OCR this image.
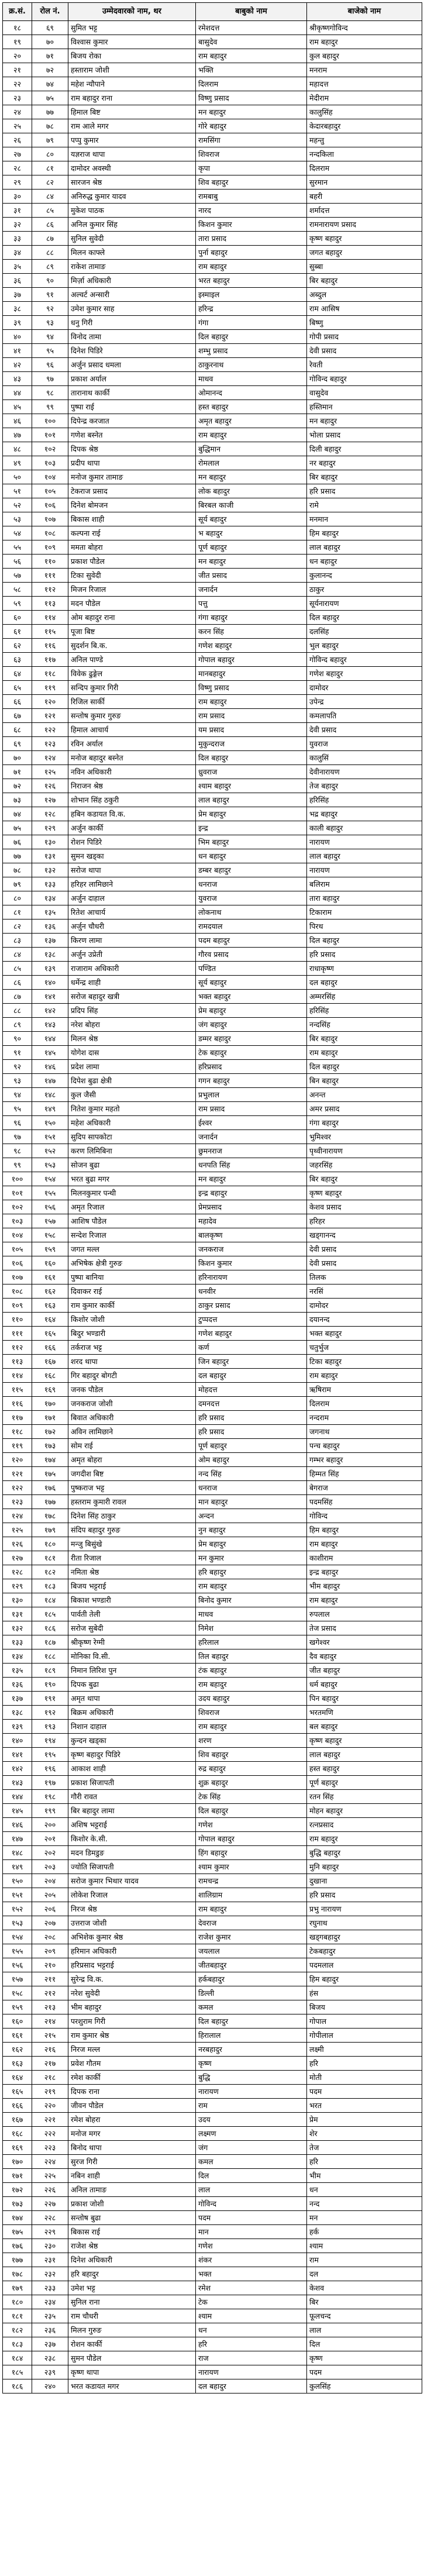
क्र.सं.	रोल नं.	उम्मेदवारको नाम, थर	बाबुको नाम	बाजेको नाम
१८	६९	सुमित भट्ट	रमेशदत्त	श्रीकृष्णगोविन्द
१९	७०	विश्वास कुमार	बासुदेव	राम बहादुर
२०	७१	बिजय रोका	राम बहादुर	कुल बहादुर
२१	७२	हस्ताराम जोशी	भक्ति	मनराम
२२	७४	महेश न्यौपाने	दिलराम	महादत्त
२३	७५	राम बहादुर राना	विष्णु प्रसाद	मेदीराम
२४	७७	हिमाल बिष्ट	मन बहादुर	कालुसिंह
२५	७८	राम आले मगर	गोरे बहादुर	केदारबहादुर
२६	७९	पप्पु कुमार	रामसिंगा	महन्तु
२७	८०	यज्ञराज थापा	शिवराज	नन्दकिला
२८	८१	दामोदर अवस्थी	कृपा	दिलराम
२९	८२	सारजन श्रेष्ठ	शिव बहादुर	सुरमान
३०	८४	अनिरुद्ध कुमार यादव	रामबाबु	बहरी
३१	८५	मुकेश पाठक	नारद	शर्मादत्त
३२	८६	अनिल कुमार सिंह	किशन कुमार	रामनारायण प्रसाद
३३	८७	सुनिल सुवेदी	तारा प्रसाद	कृष्ण बहादुर
३४	८८	मिलन काफ्ले	पुर्ना बहादुर	जगत बहादुर
३५	८९	राकेश तामाङ	राम बहादुर	सुब्बा
३६	९०	मिर्ज़ा अधिकारी	भरत बहादुर	बिर बहादुर
३७	९१	अल्वर्ट अन्सारी	इस्माइल	अब्दुल
३८	९२	उमेश कुमार साह	हरिन्द्र	राम आसिष
३९	९३	धनु गिरी	गंगा	बिष्णु
४०	९४	विनोद तामा	दिल बहादुर	गोपी प्रसाद
४१	९५	दिनेश पिडिरे	शम्भु प्रसाद	देवी प्रसाद
४२	९६	अर्जुन प्रसाद धमला	ठाकुरनाथ	रेवती
४३	९७	प्रकाश अर्याल	माधव	गोविन्द बहादुर
४४	९८	तारानाथ कार्की	ओमानन्द	वासुदेव
४५	९९	पुष्पा राई	हस्त बहादुर	हस्तिमान
४६	१००	दिपेन्द्र करजात	अमृत बहादुर	मन बहादुर
४७	१०१	गणेश बस्नेत	राम बहादुर	भोला प्रसाद
४८	१०२	दिपक श्रेष्ठ	बुद्धिमान	दिली बहादुर
४९	१०३	प्रदीप थापा	रोमलाल	नर बहादुर
५०	१०४	मनोज कुमार तामाङ	मन बहादुर	बिर बहादुर
५१	१०५	टेकराज प्रसाद	लोक बहादुर	हरि प्रसाद
५२	१०६	दिनेश बोमजन	बिरबल काजी	रामे
५३	१०७	बिकास शाही	सूर्य बहादुर	मनमान
५४	१०८	कल्पना राई	भ बहादुर	हिम बहादुर
५५	१०९	ममता बोहरा	पूर्ण बहादुर	लाल बहादुर
५६	११०	प्रकाश पौडेल	मन बहादुर	धन बहादुर
५७	१११	टिका सुवेदी	जीत प्रसाद	कुलानन्द
५८	११२	मिजन रिजाल	जनार्दन	ठाकुर
५९	११३	मदन पौडेल	पत्तु	सूर्यनारायण
६०	११४	ओम बहादुर राना	गंगा बहादुर	दिल बहादुर
६१	११५	पूजा बिष्ट	करन सिंह	दलसिंह
६२	११६	सुदर्शन बि.क.	गणेश बहादुर	भुल बहादुर
६३	११७	अनिल पाण्डे	गोपाल बहादुर	गोविन्द बहादुर
६४	११८	विवेक ढुङ्गेल	मानबहादुर	गणेश बहादुर
६५	११९	सन्दिप कुमार गिरी	विष्णु प्रसाद	दामोदर
६६	१२०	रिजिल सार्की	राम बहादुर	उपेन्द्र
६७	१२१	सन्तोष कुमार गुरुङ	राम प्रसाद	कमलापति
६८	१२२	हिमाल आचार्य	यम प्रसाद	देवी प्रसाद
६९	१२३	रविन अर्याल	मुकुन्दराज	युवराज
७०	१२४	मनोज बहादुर बस्नेत	दिल बहादुर	कालुसिं
७१	१२५	नविन अधिकारी	ध्रुवराज	देवीनारायण
७२	१२६	निराजन श्रेष्ठ	श्याम बहादुर	तेज बहादुर
७३	१२७	शोभान सिंह ठकुरी	लाल बहादुर	हरिसिंह
७४	१२८	हबिन कडायत वि.क.	प्रेम बहादुर	भद्र बहादुर
७५	१२९	अर्जुन कार्की	इन्द्र	काली बहादुर
७६	१३०	रोशन पिडिरे	भिम बहादुर	नारायण
७७	१३१	सुमन खड्का	धन बहादुर	लाल बहादुर
७८	१३२	सरोज थापा	डम्बर बहादुर	नारायण
७९	१३३	हरिहर लामिछाने	धनराज	बलिराम
८०	१३४	अर्जुन दाहाल	युवराज	तारा बहादुर
८१	१३५	रितेश आचार्य	लोकनाथ	टिकाराम
८२	१३६	अर्जुन चौधरी	रामदयाल	पिरथ
८३	१३७	किरण लामा	पदम बहादुर	दिल बहादुर
८४	१३८	अर्जुन उप्रेती	गौरव प्रसाद	हरि प्रसाद
८५	१३९	राजाराम अधिकारी	पण्डित	राधाकृष्ण
८६	१४०	धर्मेन्द्र शाही	सूर्य बहादुर	दल बहादुर
८७	१४१	सरोज बहादुर खत्री	भक्त बहादुर	अम्मरसिंह
८८	१४२	प्रदिप सिंह	प्रेम बहादुर	हरिसिंह
८९	१४३	नरेश बोहरा	जंग बहादुर	नन्दसिंह
९०	१४४	मिलन श्रेष्ठ	डम्मर बहादुर	बिर बहादुर
९१	१४५	योगेश दास	टेक बहादुर	राम बहादुर
९२	१४६	प्रदेश लामा	हरिप्रसाद	दिल बहादुर
९३	१४७	दिपेश बुढा क्षेत्री	गगन बहादुर	बिन बहादुर
९४	१४८	कुल जैसी	प्रभुलाल	अनन्त
९५	१४९	नितेश कुमार महतो	राम प्रसाद	अमर प्रसाद
९६	१५०	महेश अधिकारी	ईश्वर	गंगा बहादुर
९७	१५१	सुदिप सापकोटा	जनार्दन	भुमिश्वर
९८	१५२	करण लिमिबिना	छुमनराज	पृथ्वीनारायण
९९	१५३	सोजन बुढा	धनपति सिंह	जहरसिंह
१००	१५४	भरत बुढा मगर	मन बहादुर	बिर बहादुर
१०१	१५५	मिलनकुमार पन्थी	इन्द्र बहादुर	कृष्ण बहादुर
१०२	१५६	अमृत रिजाल	प्रेमप्रसाद	केशव प्रसाद
१०३	१५७	आशिष पौडेल	महादेव	हरिहर
१०४	१५८	सन्देश रिजाल	बालकृष्ण	खड्गानन्द
१०५	१५९	जगत मल्ल	जनकराज	देवी प्रसाद
१०६	१६०	अभिषेक क्षेत्री गुरुङ	किशन कुमार	देवी प्रसाद
१०७	१६१	पुष्पा बानिया	हरिनारायण	तिलक
१०८	१६२	दिवाकर राई	धनवीर	नरसिं
१०९	१६३	राम कुमार कार्की	ठाकुर प्रसाद	दामोदर
११०	१६४	किशोर जोशी	टुप्पदत्त	दयानन्द
१११	१६५	बिदुर भण्डारी	गणेश बहादुर	भक्त बहादुर
११२	१६६	तर्कराज भट्ट	कर्ण	चतुर्भुज
११३	१६७	शरद थापा	जिन बहादुर	टिका बहादुर
११४	१६८	गिर बहादुर बोगटी	दल बहादुर	राम बहादुर
११५	१६९	जनक पौडेल	मोहदत्त	ऋषिराम
११६	१७०	जनकराज जोशी	दमनदत्त	दिलराम
११७	१७१	बिवात अधिकारी	हरि प्रसाद	नन्दराम
११८	१७२	अविन लामिछाने	हरि प्रसाद	जगनाथ
११९	१७३	सोम राई	पूर्ण बहादुर	पन्च बहादुर
१२०	१७४	अमृत बोहरा	ओम बहादुर	गम्भर बहादुर
१२१	१७५	जगदीश बिष्ट	नन्द सिंह	हिम्मत सिंह
१२२	१७६	पुष्कराज भट्ट	धनराज	बेगराज
१२३	१७७	हस्तराम कुमारी रावल	मान बहादुर	पदमसिंह
१२४	१७८	दिनेश सिंह ठाकुर	अन्दन	गोविन्द
१२५	१७९	संदिप बहादुर गुरुङ	नुन बहादुर	हिम बहादुर
१२६	१८०	मन्जु बिसुंखे	प्रेम बहादुर	राम बहादुर
१२७	१८१	रीता रिजाल	मन कुमार	काशीराम
१२८	१८२	नमिता श्रेष्ठ	हरि बहादुर	इन्द्र बहादुर
१२९	१८३	बिजय भट्टराई	राम बहादुर	भीम बहादुर
१३०	१८४	बिकाश भण्डारी	बिनोद कुमार	राम बहादुर
१३१	१८५	पार्वती तेली	माधव	रुपलाल
१३२	१८६	सरोज सुबेदी	निमेश	तेज प्रसाद
१३३	१८७	श्रीकृष्ण रेग्मी	हरिलाल	खगेश्वर
१३४	१८८	मोनिका वि.सी.	तिल बहादुर	दैव बहादुर
१३५	१८९	निमान लिरिश पुन	टंक बहादुर	जीत बहादुर
१३६	१९०	दिपक बुढा	राम बहादुर	धर्म बहादुर
१३७	१९१	अमृत थापा	उदय बहादुर	पिन बहादुर
१३८	१९२	बिक्रम अधिकारी	शिवराज	भरतमणि
१३९	१९३	निशान दाहाल	राम बहादुर	बल बहादुर
१४०	१९४	कुन्दन खड्का	शरण	कृष्ण बहादुर
१४१	१९५	कृष्ण बहादुर पिडिरे	शिव बहादुर	लाल बहादुर
१४२	१९६	आकाश शाही	रुद्र बहादुर	हस्त बहादुर
१४३	१९७	प्रकाश सिजापती	शुक्र बहादुर	पूर्ण बहादुर
१४४	१९८	गौरी रावत	टेक सिंह	रतन सिंह
१४५	१९९	बिर बहादुर लामा	दिल बहादुर	मोहन बहादुर
१४६	२००	अशिष भट्टराई	गणेश	रत्नप्रसाद
१४७	२०१	किशोर के.सी.	गोपाल बहादुर	राम बहादुर
१४८	२०२	मदन डिमडुङ	हिंग बहादुर	बुद्धि बहादुर
१४९	२०३	ज्योति सिजापती	श्याम कुमार	मुनि बहादुर
१५०	२०४	सरोज कुमार भिथार यादव	रामचन्द्र	दुखाना
१५१	२०५	लोकेश रिजाल	शालिग्राम	हरि प्रसाद
१५२	२०६	निरज श्रेष्ठ	राम बहादुर	प्रभु नारायण
१५३	२०७	उत्तराज जोशी	देवराज	रघुनाथ
१५४	२०८	अभिशेक कुमार श्रेष्ठ	राजेश कुमार	खड्गबहादुर
१५५	२०९	हरिमान अधिकारी	जयलाल	टेकबहादुर
१५६	२१०	हरिप्रसाद भट्टराई	जीतबहादुर	पदमलाल
१५७	२११	सुरेन्द्र वि.क.	हर्कबहादुर	हिम बहादुर
१५८	२१२	नरेश सुवेदी	डिल्ली	हंस
१५९	२१३	भीम बहादुर	कमल	बिजय
१६०	२१४	परशुराम गिरी	दिल बहादुर	गोपाल
१६१	२१५	राम कुमार श्रेष्ठ	हिरालाल	गोपीलाल
१६२	२१६	निरज मल्ल	नरबहादुर	लक्ष्मी
१६३	२१७	प्रवेश गौतम	कृष्ण	हरि
१६४	२१८	रमेश कार्की	बुद्धि	मोती
१६५	२१९	दिपक राना	नारायण	पदम
१६६	२२०	जीवन पौडेल	राम	भरत
१६७	२२१	रमेश बोहरा	उदय	प्रेम
१६८	२२२	मनोज मगर	लक्ष्मण	शेर
१६९	२२३	बिनोद थापा	जंग	तेज
१७०	२२४	सुरज गिरी	कमल	हरि
१७१	२२५	नबिन शाही	दिल	भीम
१७२	२२६	अनिल तामाङ	लाल	धन
१७३	२२७	प्रकाश जोशी	गोविन्द	नन्द
१७४	२२८	सन्तोष बुढा	पदम	मन
१७५	२२९	बिकास राई	मान	हर्क
१७६	२३०	राजेश श्रेष्ठ	गणेश	श्याम
१७७	२३१	दिनेश अधिकारी	शंकर	राम
१७८	२३२	हरि बहादुर	भक्त	दल
१७९	२३३	उमेश भट्ट	रमेश	केशव
१८०	२३४	सुनिल राना	टेक	बिर
१८१	२३५	राम चौधरी	श्याम	फूलचन्द
१८२	२३६	मिलन गुरुङ	धन	लाल
१८३	२३७	रोशन कार्की	हरि	दिल
१८४	२३८	सुमन पौडेल	राज	कृष्ण
१८५	२३९	कृष्ण थापा	नारायण	पदम
१८६	२४०	भरत कडायत मगर	दल बहादुर	कुलसिंह
